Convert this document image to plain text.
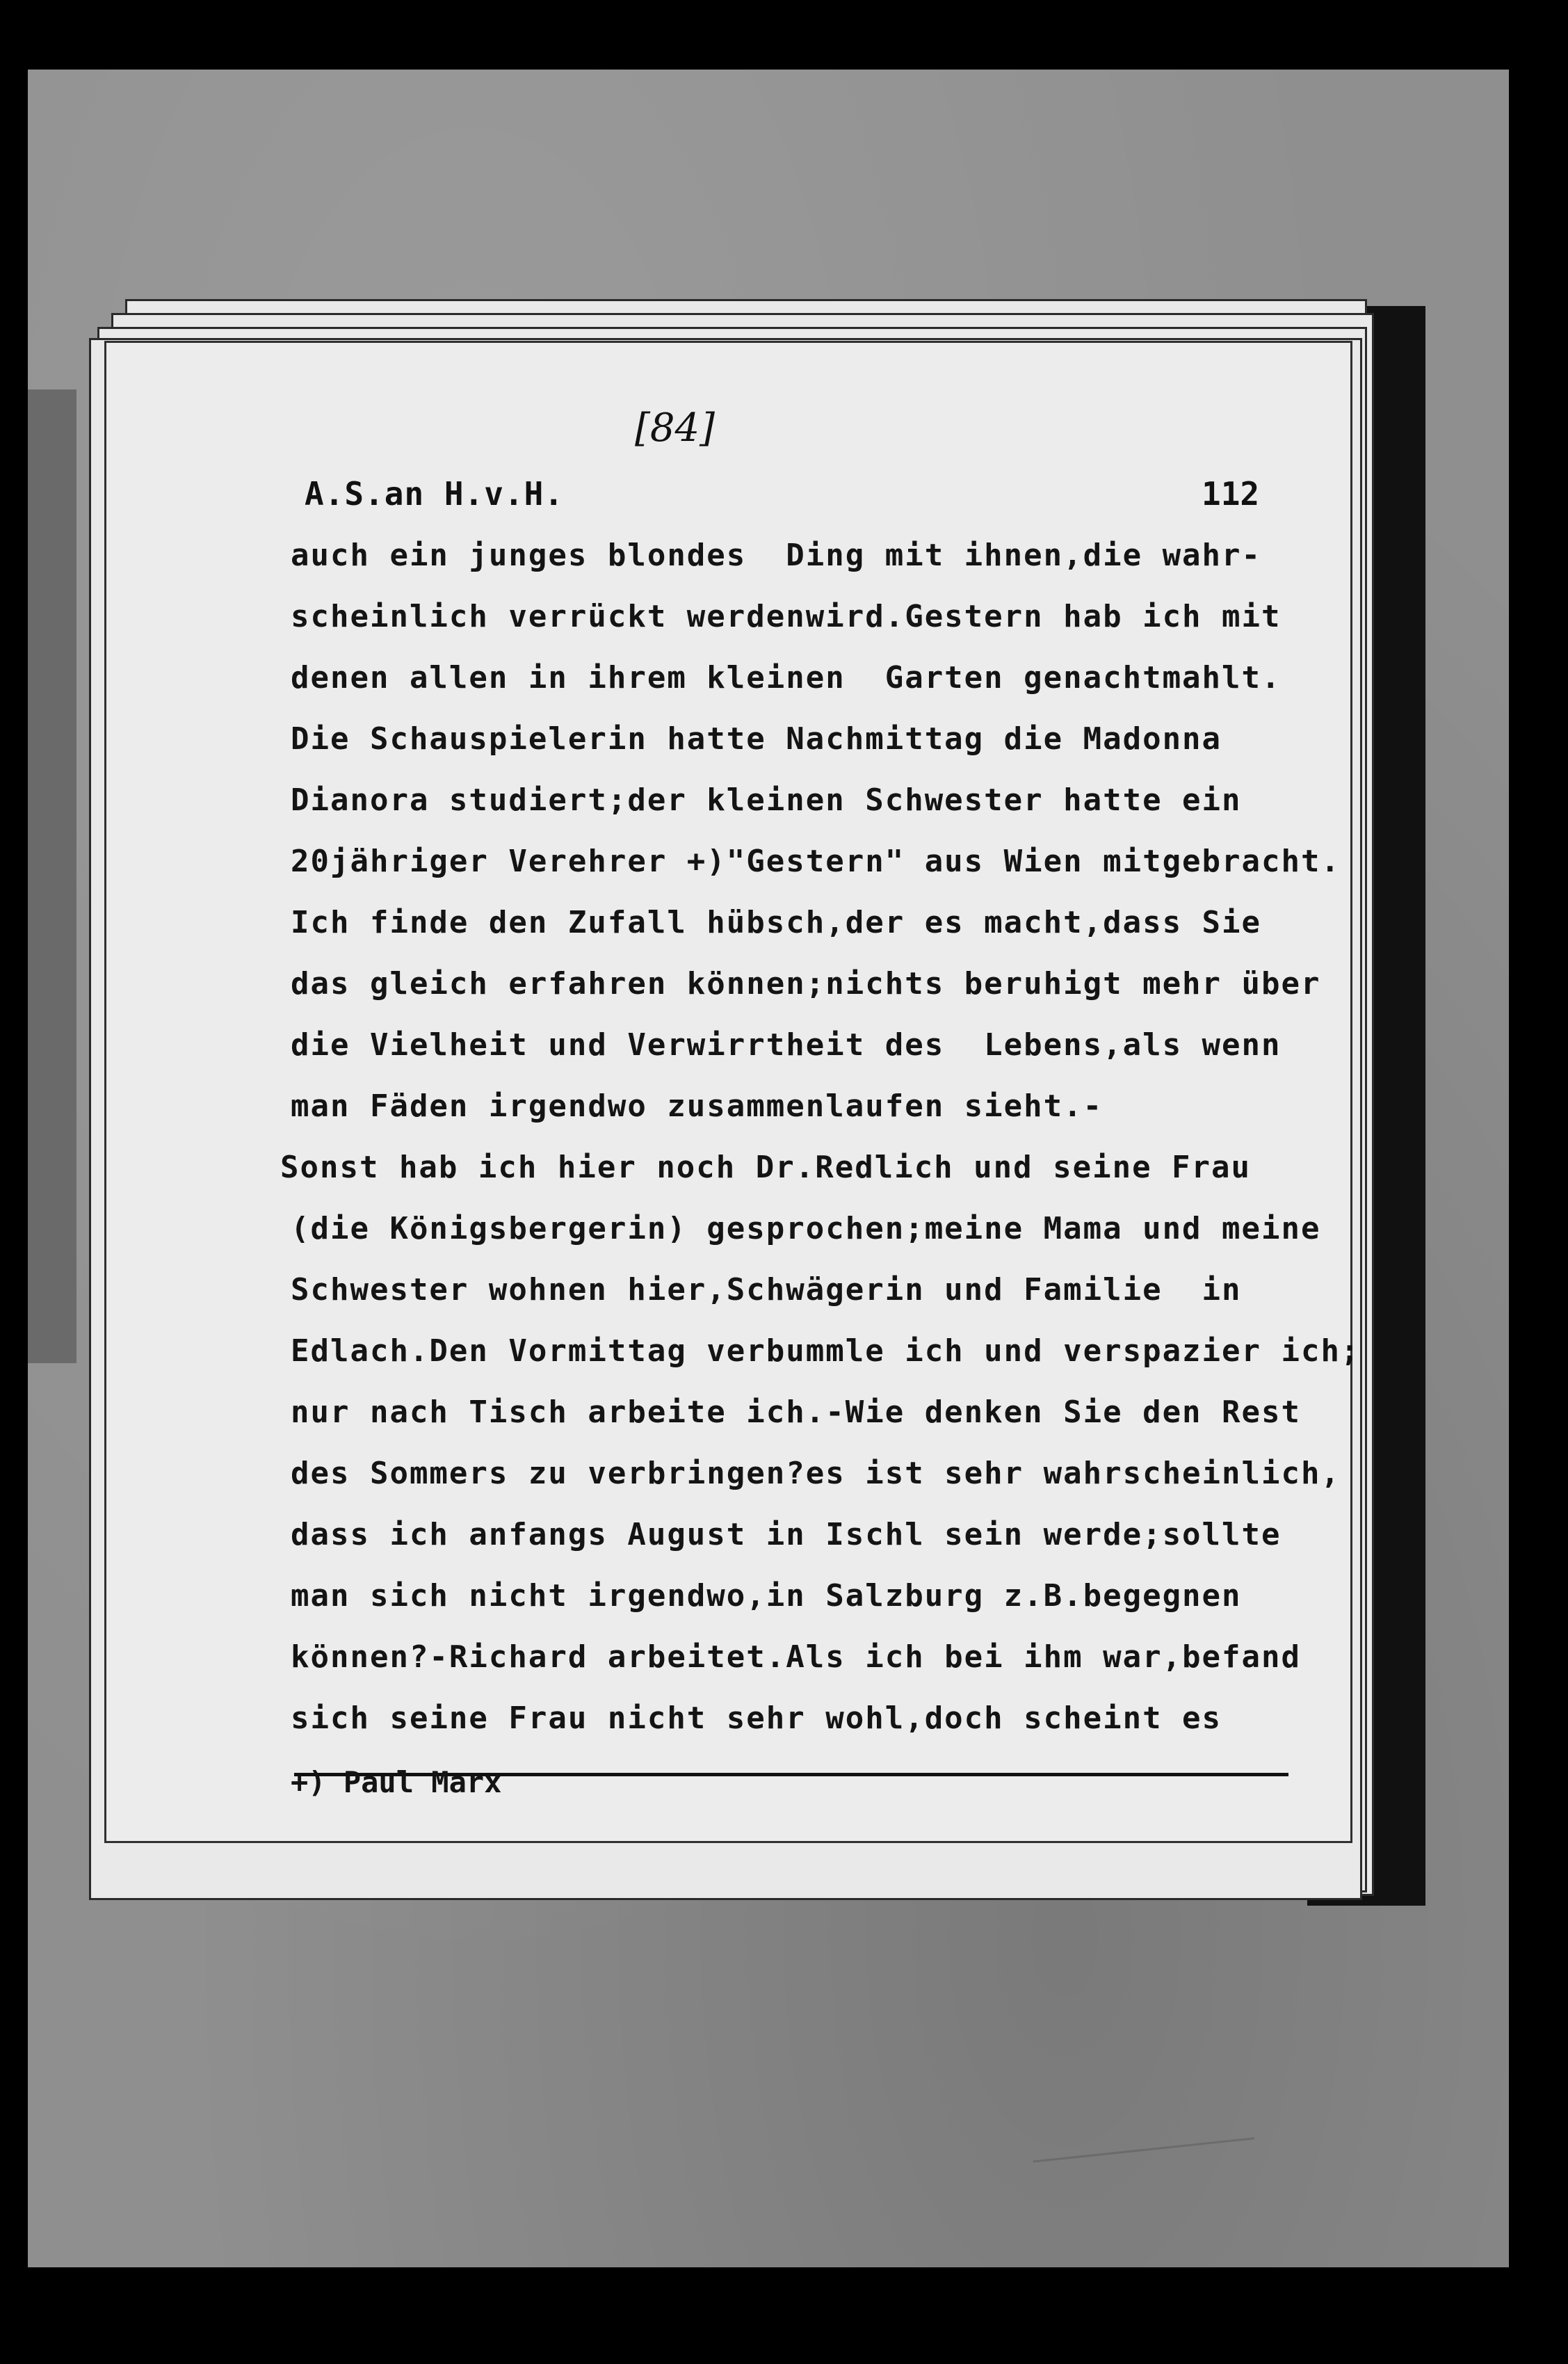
[84]
A.S.an H.v.H.	112
auch ein junges blondes  Ding mit ihnen,die wahr-
scheinlich verrückt werdenwird.Gestern hab ich mit
denen allen in ihrem kleinen  Garten genachtmahlt.
Die Schauspielerin hatte Nachmittag die Madonna
Dianora studiert;der kleinen Schwester hatte ein
20jähriger Verehrer +)"Gestern" aus Wien mitgebracht.
Ich finde den Zufall hübsch,der es macht,dass Sie
das gleich erfahren können;nichts beruhigt mehr über
die Vielheit und Verwirrtheit des  Lebens,als wenn
man Fäden irgendwo zusammenlaufen sieht.-
Sonst hab ich hier noch Dr.Redlich und seine Frau
(die Königsbergerin) gesprochen;meine Mama und meine
Schwester wohnen hier,Schwägerin und Familie  in
Edlach.Den Vormittag verbummle ich und verspazier ich;
nur nach Tisch arbeite ich.-Wie denken Sie den Rest
des Sommers zu verbringen?es ist sehr wahrscheinlich,
dass ich anfangs August in Ischl sein werde;sollte
man sich nicht irgendwo,in Salzburg z.B.begegnen
können?-Richard arbeitet.Als ich bei ihm war,befand
sich seine Frau nicht sehr wohl,doch scheint es
+) Paul Marx
